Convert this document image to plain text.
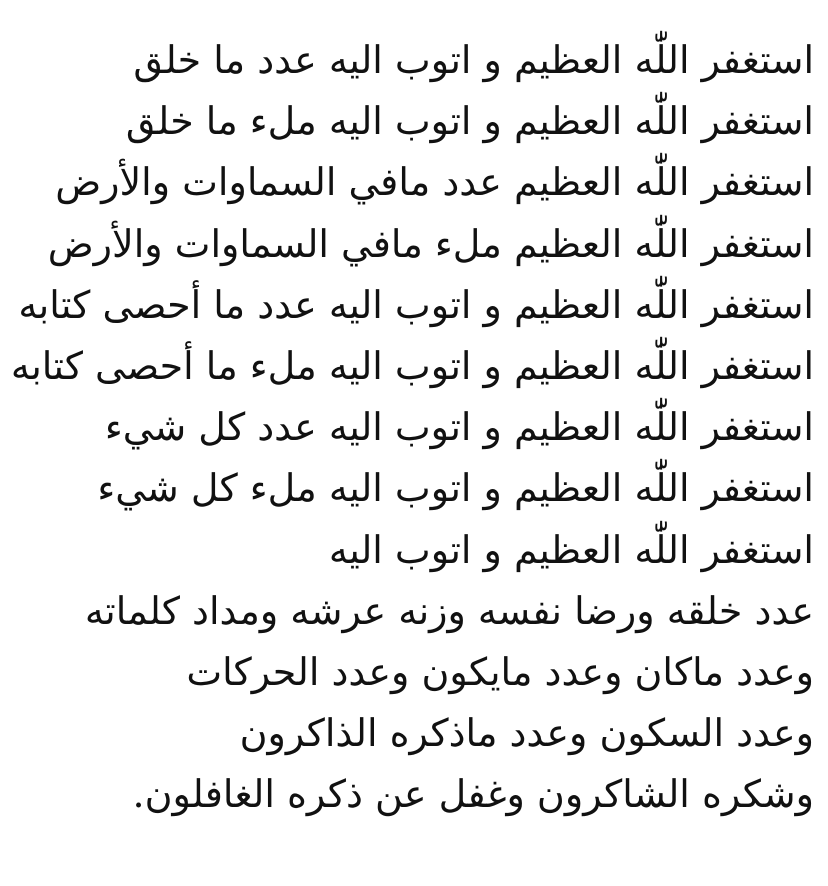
استغفر اللّٰه العظيم و اتوب اليه عدد ما خلق
استغفر اللّٰه العظيم و اتوب اليه ملء ما خلق
استغفر اللّٰه العظيم عدد مافي السماوات والأرض
استغفر اللّٰه العظيم ملء مافي السماوات والأرض
استغفر اللّٰه العظيم و اتوب اليه عدد ما أحصى كتابه
استغفر اللّٰه العظيم و اتوب اليه ملء ما أحصى كتابه
استغفر اللّٰه العظيم و اتوب اليه عدد كل شيء
استغفر اللّٰه العظيم و اتوب اليه ملء كل شيء
استغفر اللّٰه العظيم و اتوب اليه
عدد خلقه ورضا نفسه وزنه عرشه ومداد كلماته
وعدد ماكان وعدد مايكون وعدد الحركات
وعدد السكون وعدد ماذكره الذاكرون
وشكره الشاكرون وغفل عن ذكره الغافلون.
